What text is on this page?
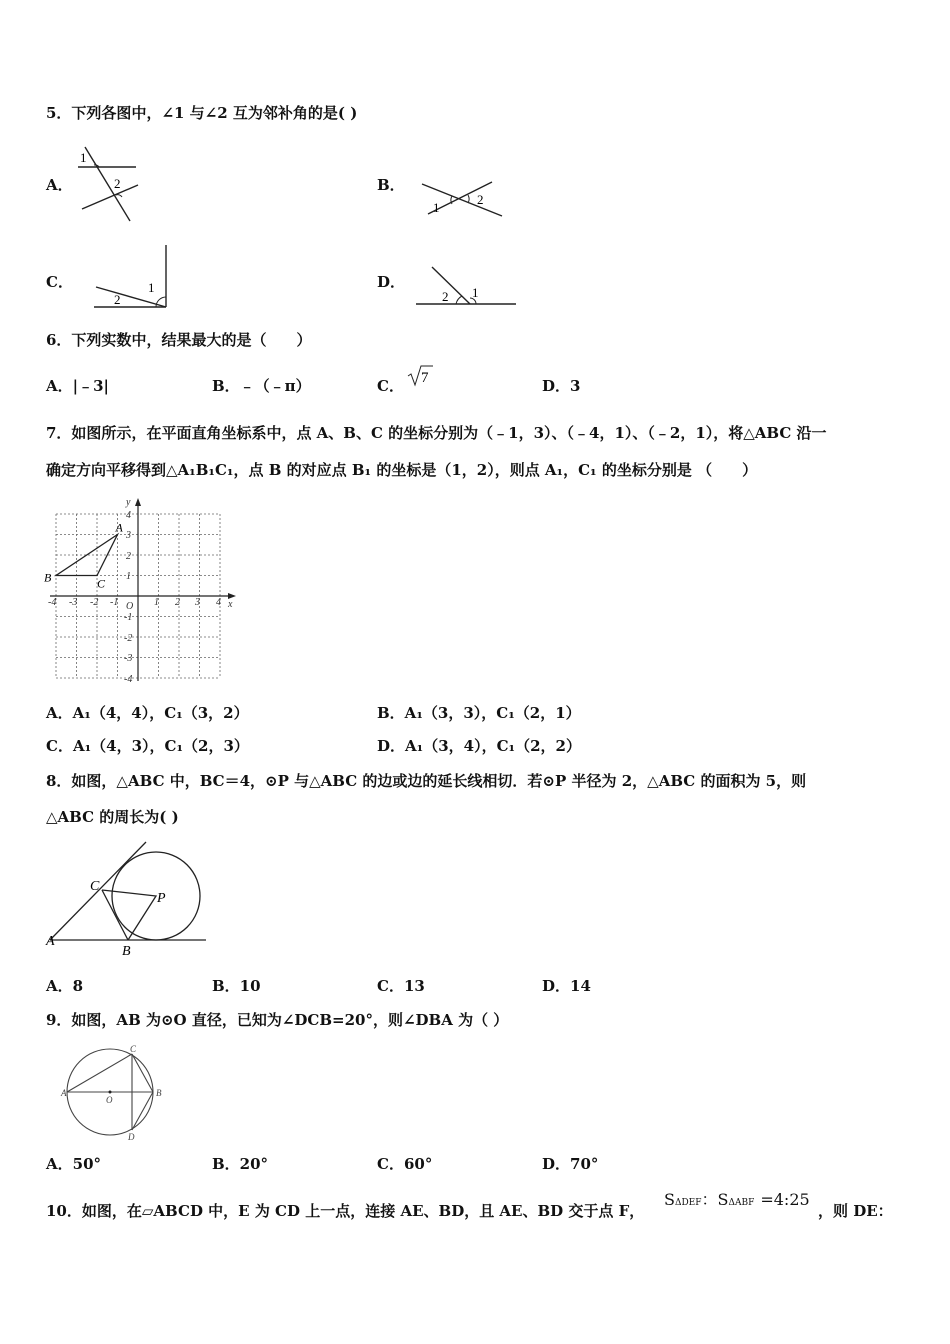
5．下列各图中，∠1 与∠2 互为邻补角的是( )
A．
1
2	B．
1
2
C．	1
2
D．
2 1
6．下列实数中，结果最大的是（　　）
A．|﹣3|	B．﹣（﹣π）	C． 7	D．3
7．如图所示，在平面直角坐标系中，点 A、B、C 的坐标分别为（﹣1，3）、（﹣4，1）、（﹣2，1），将△ABC 沿一
确定方向平移得到△A₁B₁C₁，点 B 的对应点 B₁ 的坐标是（1，2），则点 A₁，C₁ 的坐标分别是 （　　）
x
y
O
-4 -3 -2 -1	1 2 3 4
4
3
2
1
-1
-2
-3
-4
A
B	C
A．A₁（4，4），C₁（3，2）	B．A₁（3，3），C₁（2，1）
C．A₁（4，3），C₁（2，3）	D．A₁（3，4），C₁（2，2）
8．如图，△ABC 中，BC＝4，⊙P 与△ABC 的边或边的延长线相切．若⊙P 半径为 2，△ABC 的面积为 5，则
△ABC 的周长为( )
A
C
P
B
A．8	B．10	C．13	D．14
9．如图，AB 为⊙O 直径，已知为∠DCB=20°，则∠DBA 为（ ）
A	B
C
D
O
A．50°	B．20°	C．60°	D．70°
10．如图，在▱ABCD 中，E 为 CD 上一点，连接 AE、BD，且 AE、BD 交于点 F，
SΔDEF：SΔABF =4:25
，则 DE：
